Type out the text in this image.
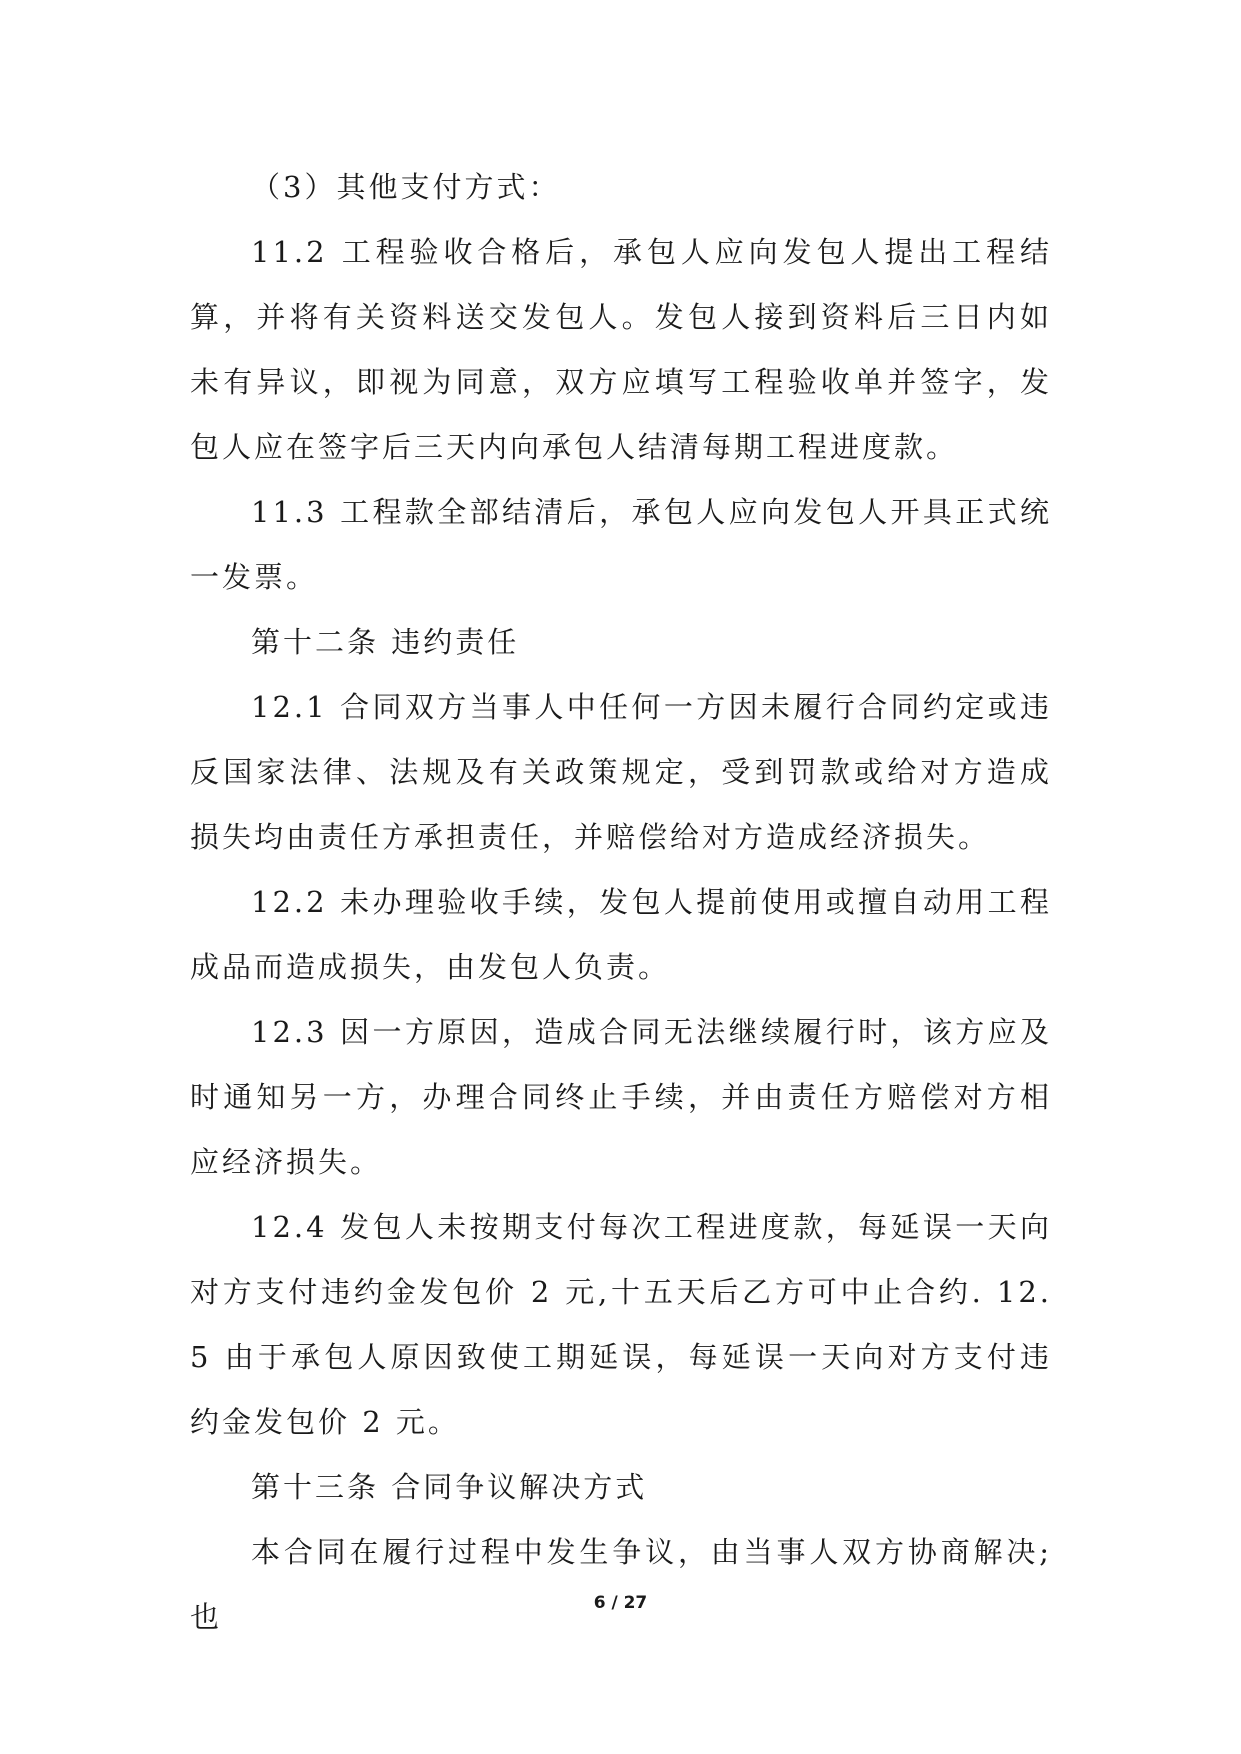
（3）其他支付方式：

11.2 工程验收合格后，承包人应向发包人提出工程结算，并将有关资料送交发包人。发包人接到资料后三日内如未有异议，即视为同意，双方应填写工程验收单并签字，发包人应在签字后三天内向承包人结清每期工程进度款。

11.3 工程款全部结清后，承包人应向发包人开具正式统一发票。

第十二条 违约责任

12.1 合同双方当事人中任何一方因未履行合同约定或违反国家法律、法规及有关政策规定，受到罚款或给对方造成损失均由责任方承担责任，并赔偿给对方造成经济损失。

12.2 未办理验收手续，发包人提前使用或擅自动用工程成品而造成损失，由发包人负责。

12.3 因一方原因，造成合同无法继续履行时，该方应及时通知另一方，办理合同终止手续，并由责任方赔偿对方相应经济损失。

12.4 发包人未按期支付每次工程进度款，每延误一天向对方支付违约金发包价 2 元,十五天后乙方可中止合约. 12.5 由于承包人原因致使工期延误，每延误一天向对方支付违约金发包价 2 元。

第十三条 合同争议解决方式

本合同在履行过程中发生争议，由当事人双方协商解决;也	6 / 27
